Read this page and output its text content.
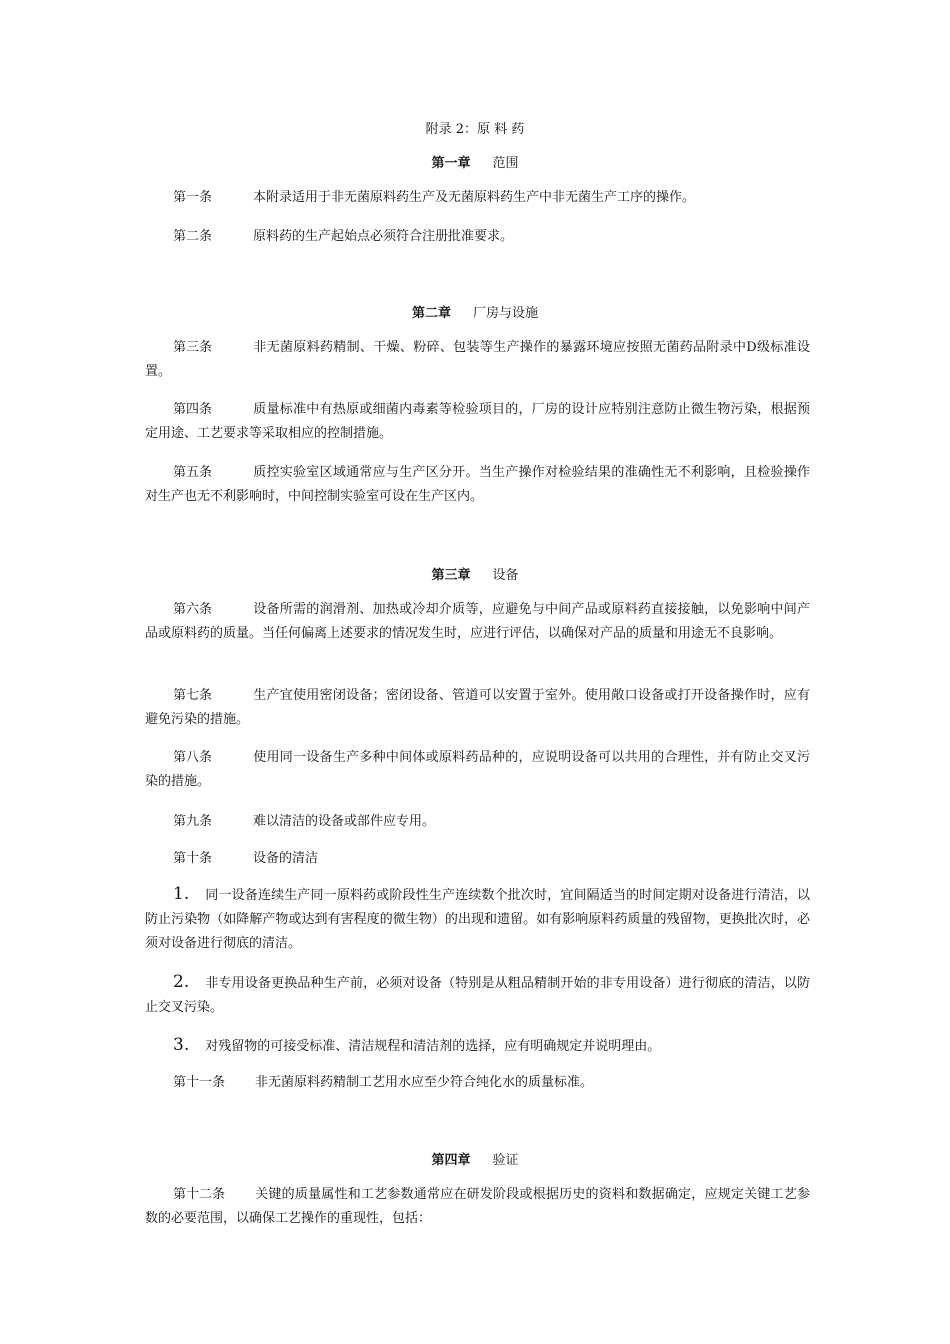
附录 2：原 料 药
第一章 范围
第一条	本附录适用于非无菌原料药生产及无菌原料药生产中非无菌生产工序的操作。
第二条	原料药的生产起始点必须符合注册批准要求。
第二章 厂房与设施
第三条	非无菌原料药精制、干燥、粉碎、包装等生产操作的暴露环境应按照无菌药品附录中D级标准设置。
第四条	质量标准中有热原或细菌内毒素等检验项目的，厂房的设计应特别注意防止微生物污染，根据预定用途、工艺要求等采取相应的控制措施。
第五条	质控实验室区域通常应与生产区分开。当生产操作对检验结果的准确性无不利影响，且检验操作对生产也无不利影响时，中间控制实验室可设在生产区内。
第三章 设备
第六条	设备所需的润滑剂、加热或冷却介质等，应避免与中间产品或原料药直接接触，以免影响中间产品或原料药的质量。当任何偏离上述要求的情况发生时，应进行评估，以确保对产品的质量和用途无不良影响。
第七条	生产宜使用密闭设备；密闭设备、管道可以安置于室外。使用敞口设备或打开设备操作时，应有避免污染的措施。
第八条	使用同一设备生产多种中间体或原料药品种的，应说明设备可以共用的合理性，并有防止交叉污染的措施。
第九条	难以清洁的设备或部件应专用。
第十条	设备的清洁
1. 同一设备连续生产同一原料药或阶段性生产连续数个批次时，宜间隔适当的时间定期对设备进行清洁，以防止污染物（如降解产物或达到有害程度的微生物）的出现和遗留。如有影响原料药质量的残留物，更换批次时，必须对设备进行彻底的清洁。
2. 非专用设备更换品种生产前，必须对设备（特别是从粗品精制开始的非专用设备）进行彻底的清洁，以防止交叉污染。
3. 对残留物的可接受标准、清洁规程和清洁剂的选择，应有明确规定并说明理由。
第十一条 非无菌原料药精制工艺用水应至少符合纯化水的质量标准。
第四章 验证
第十二条 关键的质量属性和工艺参数通常应在研发阶段或根据历史的资料和数据确定，应规定关键工艺参数的必要范围，以确保工艺操作的重现性，包括：
